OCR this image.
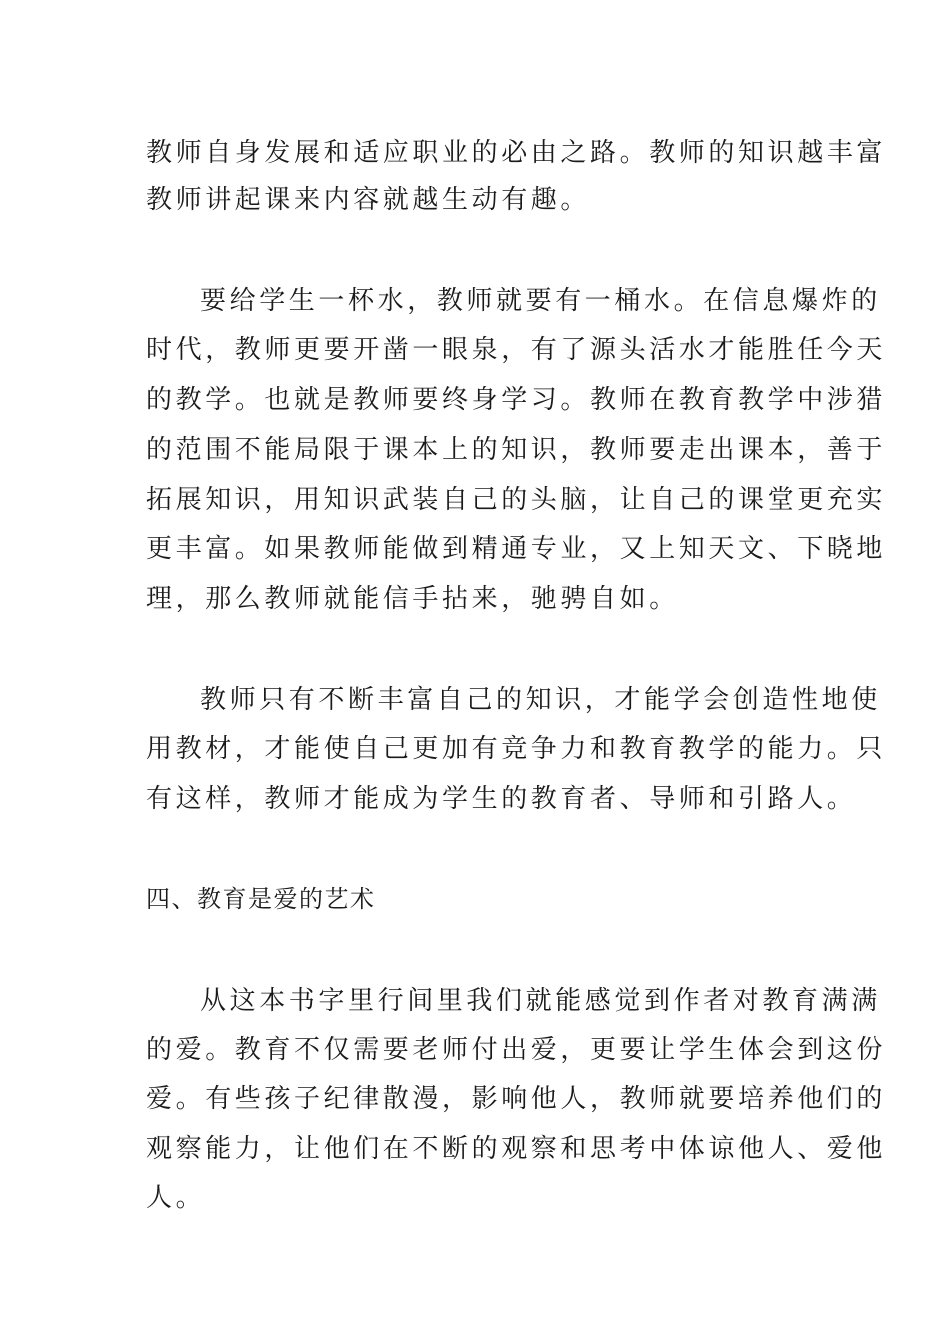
教师自身发展和适应职业的必由之路。教师的知识越丰富
教师讲起课来内容就越生动有趣。
要给学生一杯水，教师就要有一桶水。在信息爆炸的
时代，教师更要开凿一眼泉，有了源头活水才能胜任今天
的教学。也就是教师要终身学习。教师在教育教学中涉猎
的范围不能局限于课本上的知识，教师要走出课本，善于
拓展知识，用知识武装自己的头脑，让自己的课堂更充实
更丰富。如果教师能做到精通专业，又上知天文、下晓地
理，那么教师就能信手拈来，驰骋自如。
教师只有不断丰富自己的知识，才能学会创造性地使
用教材，才能使自己更加有竞争力和教育教学的能力。只
有这样，教师才能成为学生的教育者、导师和引路人。
四、教育是爱的艺术
从这本书字里行间里我们就能感觉到作者对教育满满
的爱。教育不仅需要老师付出爱，更要让学生体会到这份
爱。有些孩子纪律散漫，影响他人，教师就要培养他们的
观察能力，让他们在不断的观察和思考中体谅他人、爱他
人。
